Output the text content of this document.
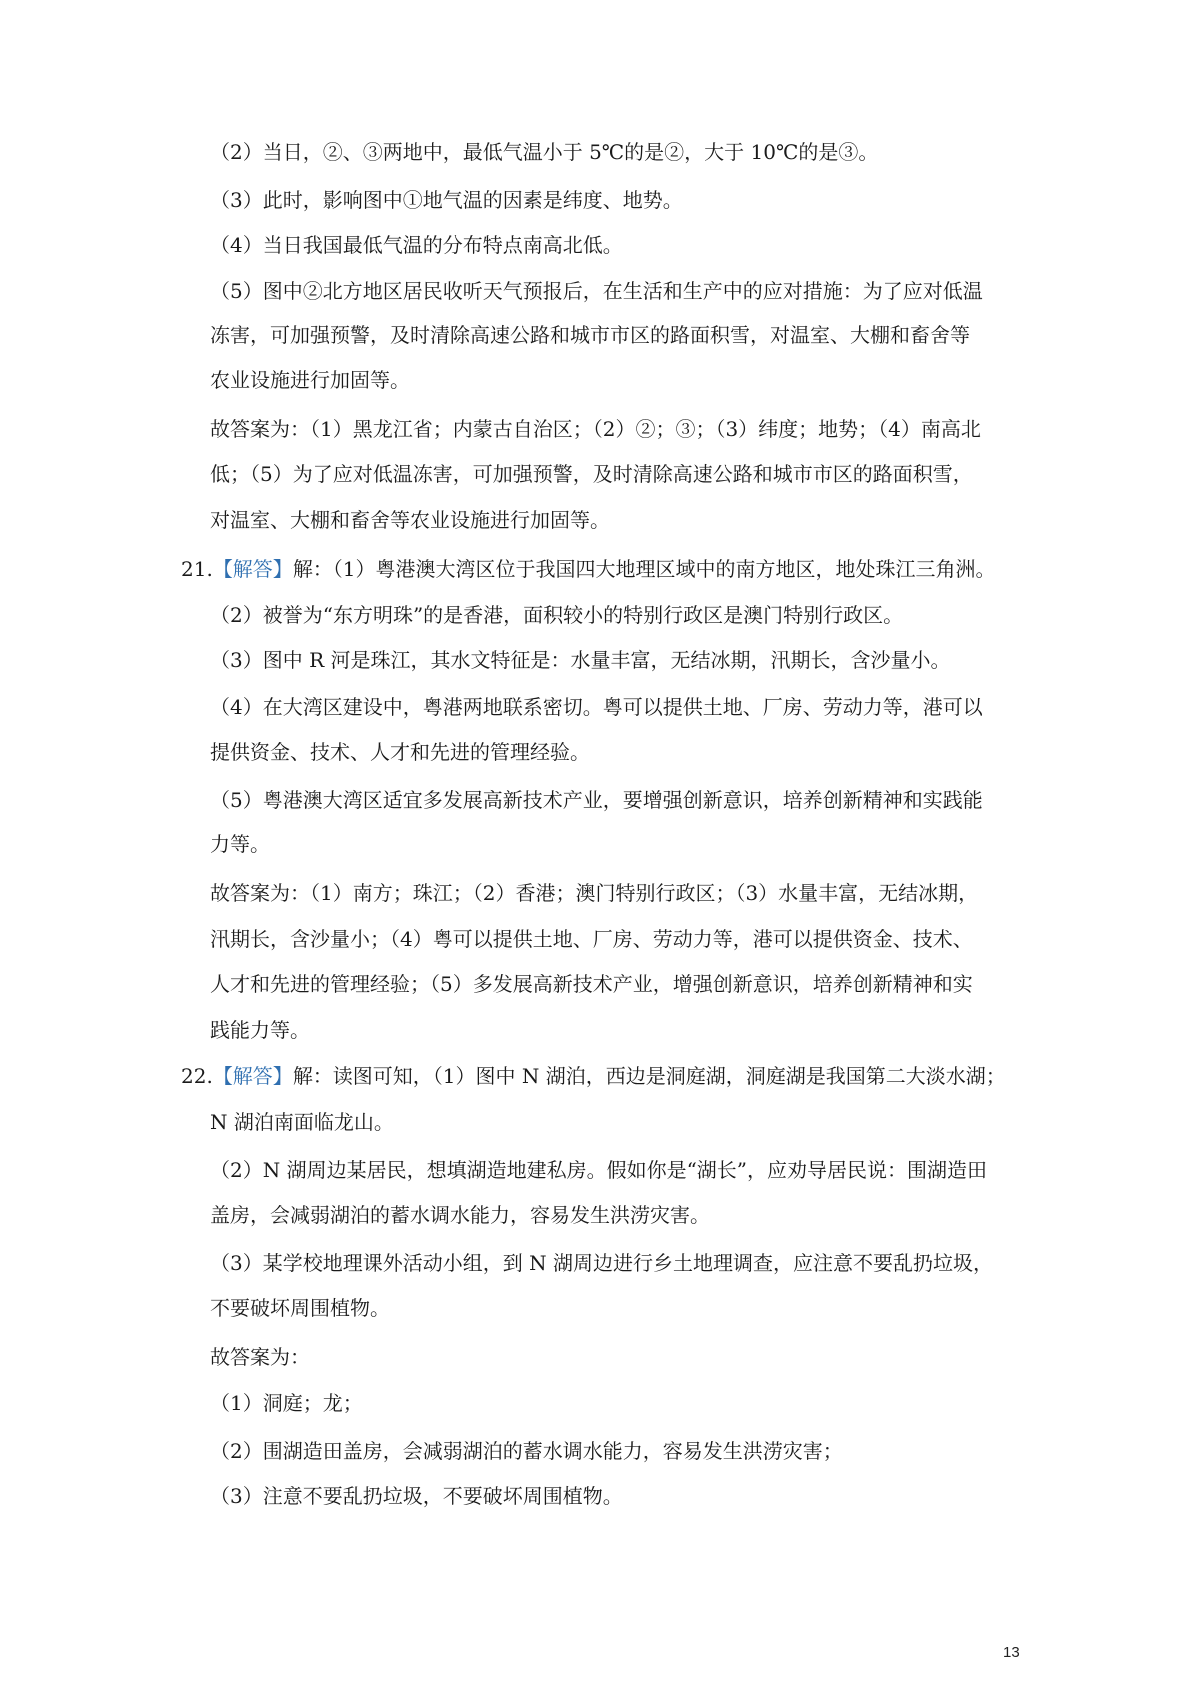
（2）当日，②、③两地中，最低气温小于 5℃的是②，大于 10℃的是③。
（3）此时，影响图中①地气温的因素是纬度、地势。
（4）当日我国最低气温的分布特点南高北低。
（5）图中②北方地区居民收听天气预报后，在生活和生产中的应对措施：为了应对低温
冻害，可加强预警，及时清除高速公路和城市市区的路面积雪，对温室、大棚和畜舍等
农业设施进行加固等。
故答案为：（1）黑龙江省；内蒙古自治区；（2）②；③；（3）纬度；地势；（4）南高北
低；（5）为了应对低温冻害，可加强预警，及时清除高速公路和城市市区的路面积雪，
对温室、大棚和畜舍等农业设施进行加固等。
21.【解答】解：（1）粤港澳大湾区位于我国四大地理区域中的南方地区，地处珠江三角洲。
（2）被誉为“东方明珠”的是香港，面积较小的特别行政区是澳门特别行政区。
（3）图中 R 河是珠江，其水文特征是：水量丰富，无结冰期，汛期长，含沙量小。
（4）在大湾区建设中，粤港两地联系密切。粤可以提供土地、厂房、劳动力等，港可以
提供资金、技术、人才和先进的管理经验。
（5）粤港澳大湾区适宜多发展高新技术产业，要增强创新意识，培养创新精神和实践能
力等。
故答案为：（1）南方；珠江；（2）香港；澳门特别行政区；（3）水量丰富，无结冰期，
汛期长，含沙量小；（4）粤可以提供土地、厂房、劳动力等，港可以提供资金、技术、
人才和先进的管理经验；（5）多发展高新技术产业，增强创新意识，培养创新精神和实
践能力等。
22.【解答】解：读图可知，（1）图中 N 湖泊，西边是洞庭湖，洞庭湖是我国第二大淡水湖；
N 湖泊南面临龙山。
（2）N 湖周边某居民，想填湖造地建私房。假如你是“湖长”，应劝导居民说：围湖造田
盖房，会减弱湖泊的蓄水调水能力，容易发生洪涝灾害。
（3）某学校地理课外活动小组，到 N 湖周边进行乡土地理调查，应注意不要乱扔垃圾，
不要破坏周围植物。
故答案为：
（1）洞庭；龙；
（2）围湖造田盖房，会减弱湖泊的蓄水调水能力，容易发生洪涝灾害；
（3）注意不要乱扔垃圾，不要破坏周围植物。
13
